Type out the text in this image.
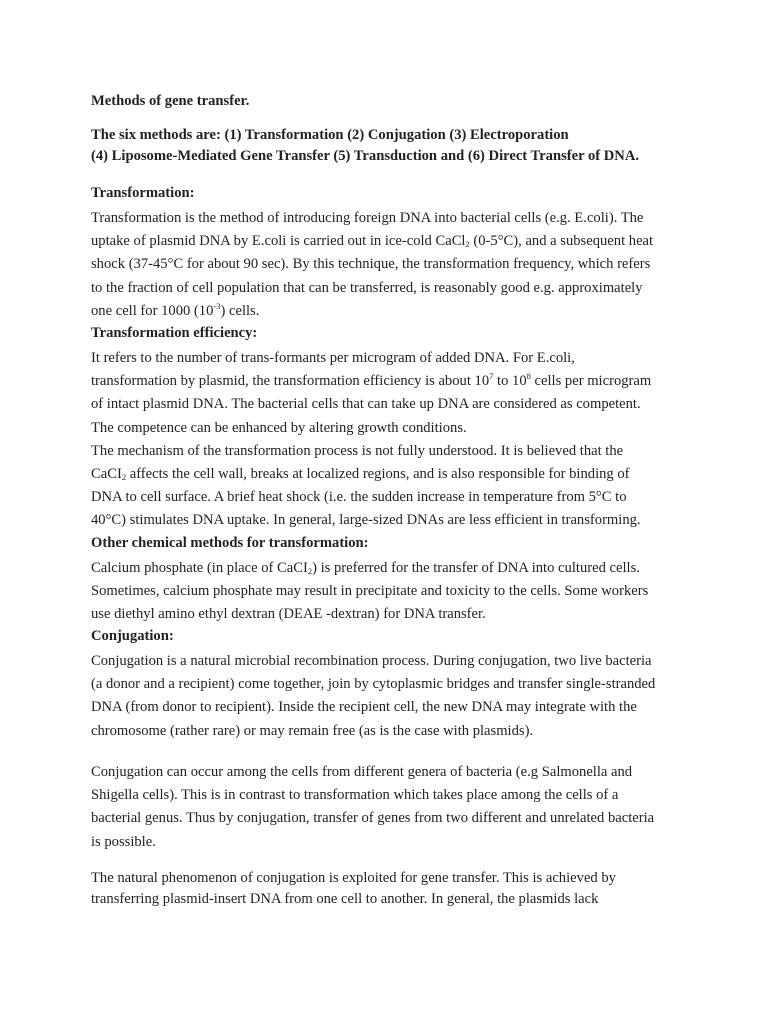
Methods of gene transfer.

The six methods are: (1) Transformation (2) Conjugation (3) Electroporation
(4) Liposome-Mediated Gene Transfer (5) Transduction and (6) Direct Transfer of DNA.

Transformation:

Transformation is the method of introducing foreign DNA into bacterial cells (e.g. E.coli). The
uptake of plasmid DNA by E.coli is carried out in ice-cold CaCl$_2$ (0-5°C), and a subsequent heat
shock (37-45°C for about 90 sec). By this technique, the transformation frequency, which refers
to the fraction of cell population that can be transferred, is reasonably good e.g. approximately
one cell for 1000 $(10^{-3})$ cells.

Transformation efficiency:

It refers to the number of trans-formants per microgram of added DNA. For E.coli,
transformation by plasmid, the transformation efficiency is about $10^7$ to $10^8$ cells per microgram
of intact plasmid DNA. The bacterial cells that can take up DNA are considered as competent.
The competence can be enhanced by altering growth conditions.
The mechanism of the transformation process is not fully understood. It is believed that the
CaCI$_2$ affects the cell wall, breaks at localized regions, and is also responsible for binding of
DNA to cell surface. A brief heat shock (i.e. the sudden increase in temperature from 5°C to
40°C) stimulates DNA uptake. In general, large-sized DNAs are less efficient in transforming.

Other chemical methods for transformation:

Calcium phosphate (in place of CaCI$_2$) is preferred for the transfer of DNA into cultured cells.
Sometimes, calcium phosphate may result in precipitate and toxicity to the cells. Some workers
use diethyl amino ethyl dextran (DEAE -dextran) for DNA transfer.

Conjugation:

Conjugation is a natural microbial recombination process. During conjugation, two live bacteria
(a donor and a recipient) come together, join by cytoplasmic bridges and transfer single-stranded
DNA (from donor to recipient). Inside the recipient cell, the new DNA may integrate with the
chromosome (rather rare) or may remain free (as is the case with plasmids).

Conjugation can occur among the cells from different genera of bacteria (e.g Salmonella and
Shigella cells). This is in contrast to transformation which takes place among the cells of a
bacterial genus. Thus by conjugation, transfer of genes from two different and unrelated bacteria
is possible.

The natural phenomenon of conjugation is exploited for gene transfer. This is achieved by
transferring plasmid-insert DNA from one cell to another. In general, the plasmids lack
